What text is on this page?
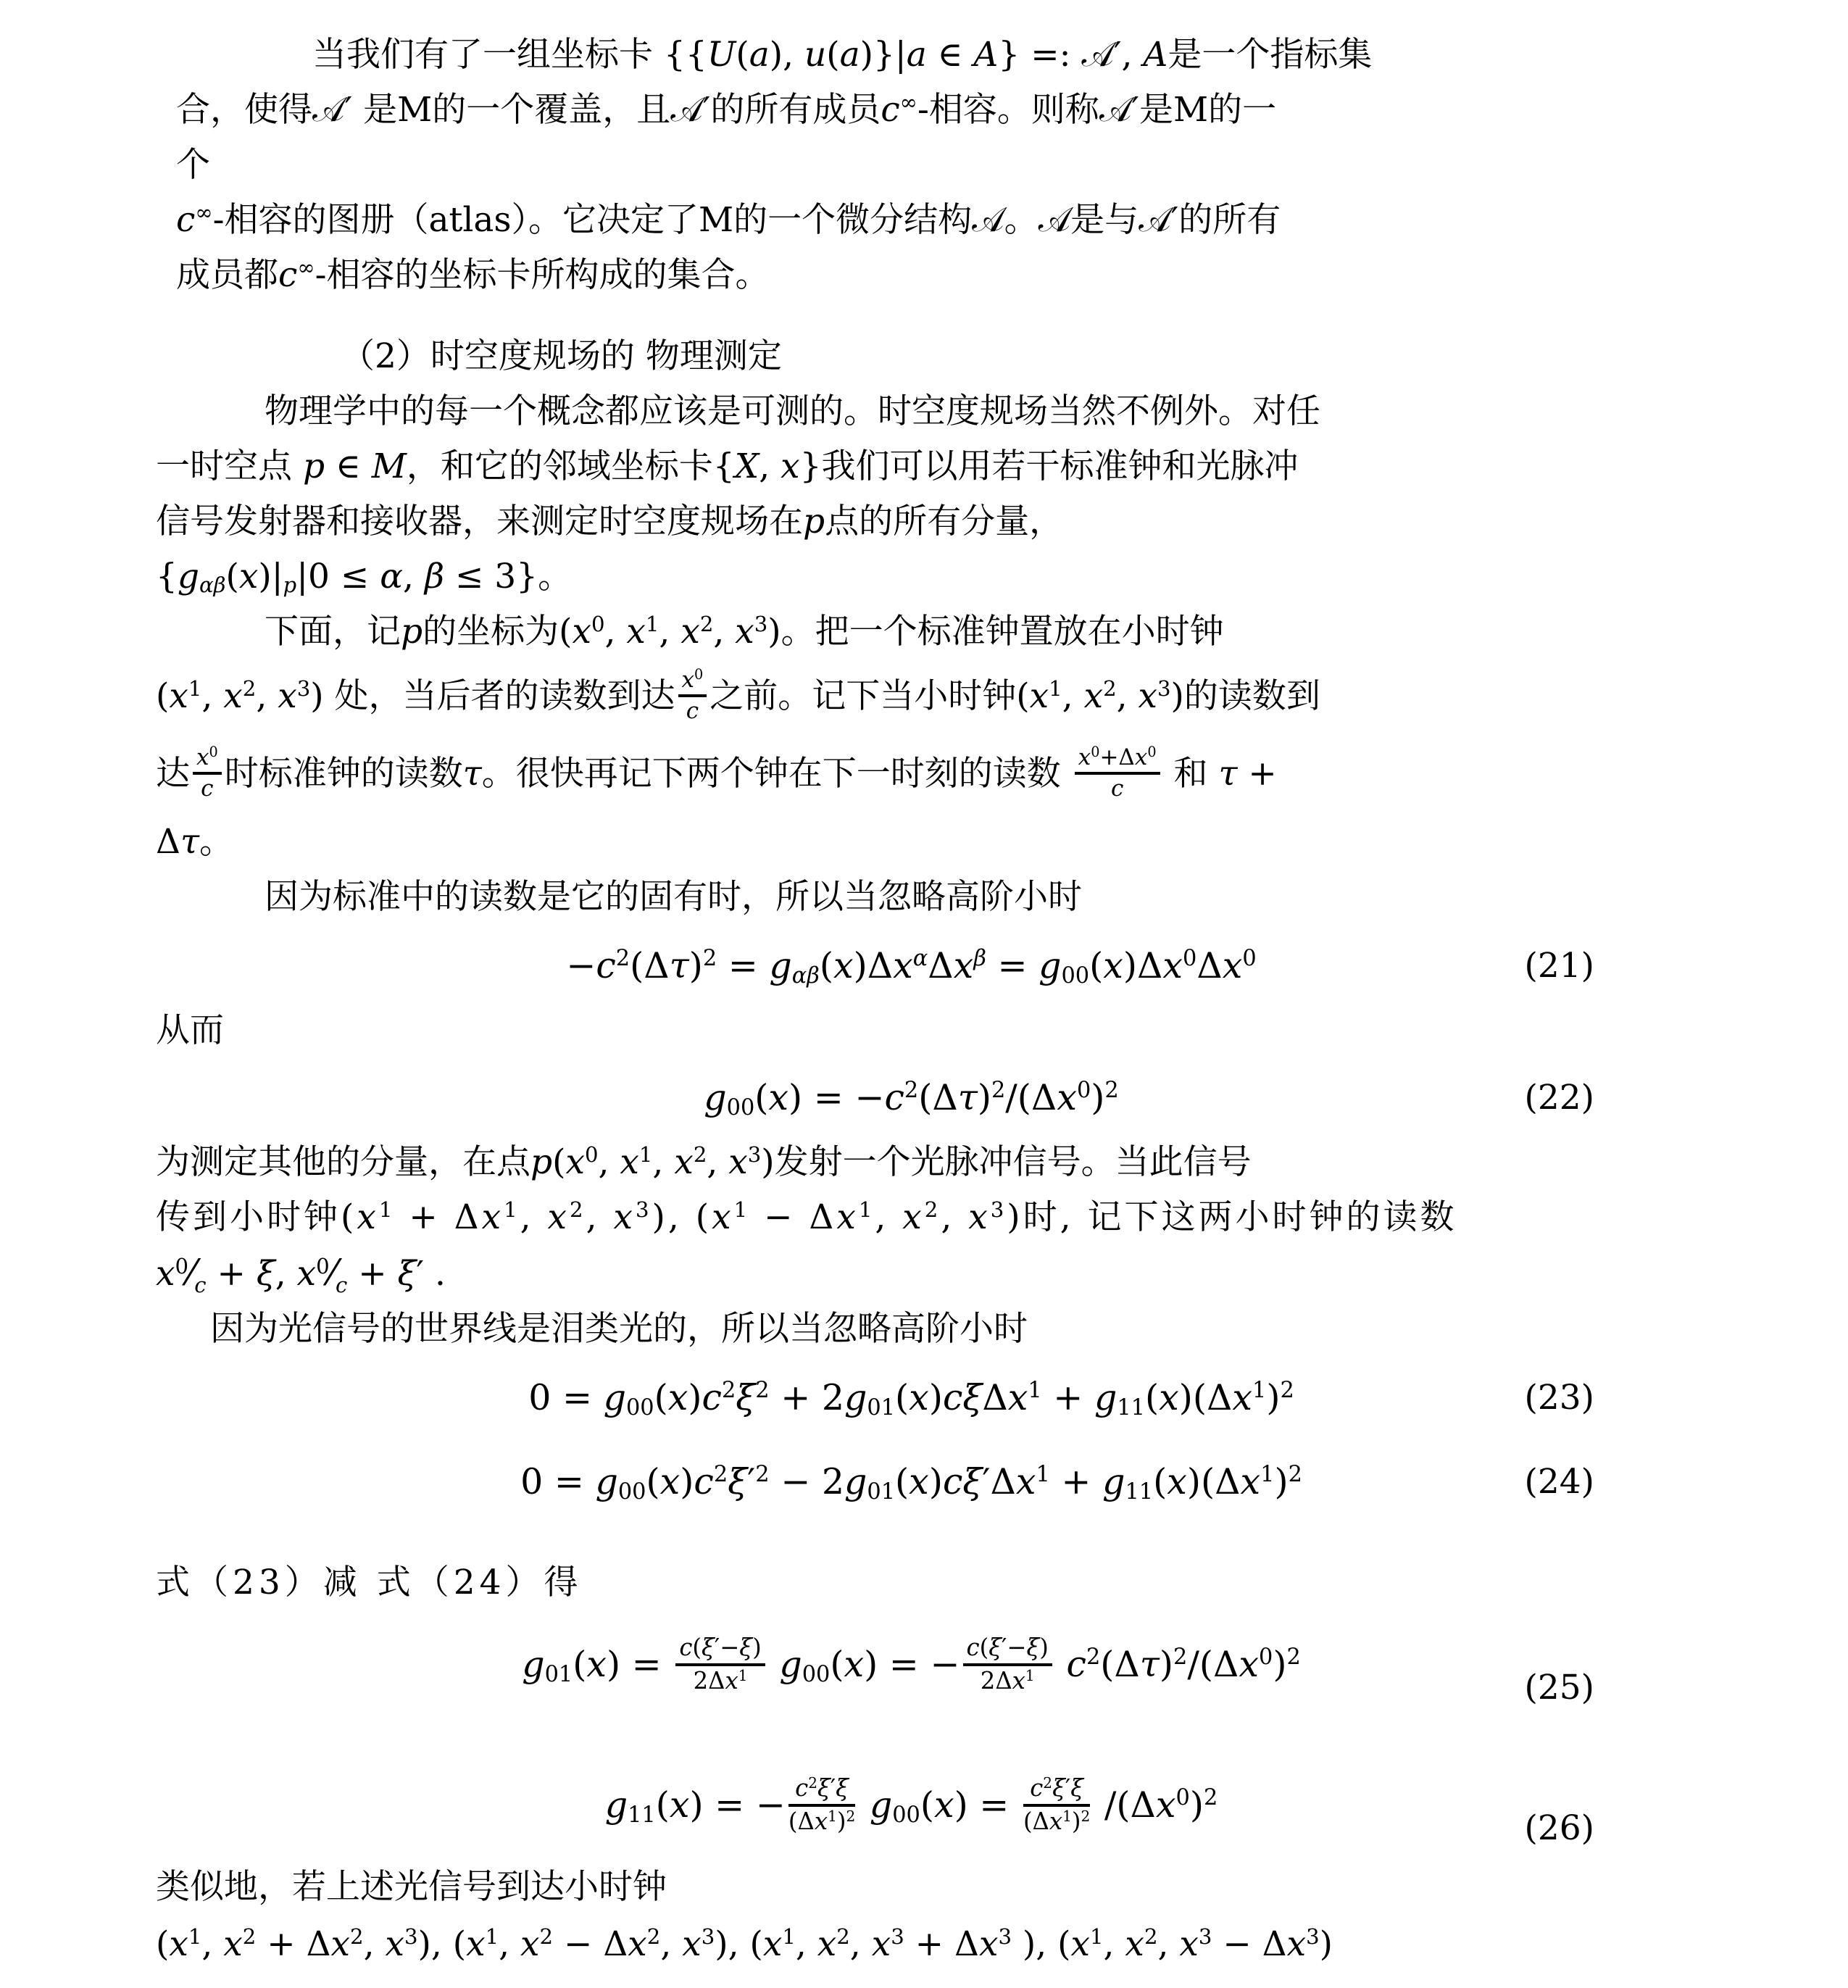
当我们有了一组坐标卡 {{U(a), u(a)}|a ∈ A} =: 𝒜′, A是一个指标集
合，使得𝒜′ 是M的一个覆盖，且𝒜′的所有成员c∞-相容。则称𝒜′是M的一
个
c∞-相容的图册（atlas）。它决定了M的一个微分结构𝒜。𝒜是与𝒜′的所有
成员都c∞-相容的坐标卡所构成的集合。
（2）时空度规场的 物理测定
物理学中的每一个概念都应该是可测的。时空度规场当然不例外。对任
一时空点 p ∈ M，和它的邻域坐标卡{X, x}我们可以用若干标准钟和光脉冲
信号发射器和接收器，来测定时空度规场在p点的所有分量，
{$g_{\alpha\beta}(x)|_p|0 \le \alpha$, β ≤ 3}。
下面，记p的坐标为($x^0$, $x^1$, $x^2$, $x^3$)。把一个标准钟置放在小时钟
($x^1$, $x^2$, $x^3$) 处，当后者的读数到达 $\frac{x^0}{c}$ 之前。记下当小时钟($x^1$, $x^2$, $x^3$)的读数到
达 $\frac{x^0}{c}$ 时标准钟的读数τ。很快再记下两个钟在下一时刻的读数 $\frac{x^0+\Delta x^0}{c}$ 和 τ +
Δτ。
因为标准中的读数是它的固有时，所以当忽略高阶小时
$-c^2(\Delta\tau)^2 = g_{\alpha\beta}(x)\Delta x^\alpha\Delta x^\beta = g_{00}(x)\Delta x^0\Delta x^0$	(21)
从而
$g_{00}(x) = -c^2(\Delta\tau)^2/(\Delta x^0)^2$	(22)
为测定其他的分量，在点$p(x^0$, $x^1$, $x^2$, $x^3$)发射一个光脉冲信号。当此信号
传到小时钟($x^1 + \Delta x^1$, $x^2$, $x^3$), ($x^1 - \Delta x^1$, $x^2$, $x^3$)时, 记下这两小时钟的读数
$x^0⁄_c + \xi$, $x^0⁄_c + \xi'$ .
因为光信号的世界线是泪类光的，所以当忽略高阶小时
$0 = g_{00}(x)c^2\xi^2 + 2g_{01}(x)c\xi\Delta x^1 + g_{11}(x)(\Delta x^1)^2$	(23)
$0 = g_{00}(x)c^2\xi'^2 - 2g_{01}(x)c\xi'\Delta x^1 + g_{11}(x)(\Delta x^1)^2$	(24)
式（23）减 式（24）得
$g_{01}(x) = \frac{c(\xi'-\xi)}{2\Delta x^1} g_{00}(x)$ = − $\frac{c(\xi'-\xi)}{2\Delta x^1} c^2(\Delta\tau)^2/(\Delta x^0)^2$
(25)
$g_{11}(x)$ = − $\frac{c^2\xi'\xi}{(\Delta x^1)^2} g_{00}(x) = \frac{c^2\xi'\xi}{(\Delta x^1)^2} /(\Delta x^0)^2$
(26)
类似地，若上述光信号到达小时钟
($x^1$, $x^2 + \Delta x^2$, $x^3$), ($x^1$, $x^2 - \Delta x^2$, $x^3$), ($x^1$, $x^2$, $x^3 + \Delta x^3$ ), ($x^1$, $x^2$, $x^3 - \Delta x^3$)
